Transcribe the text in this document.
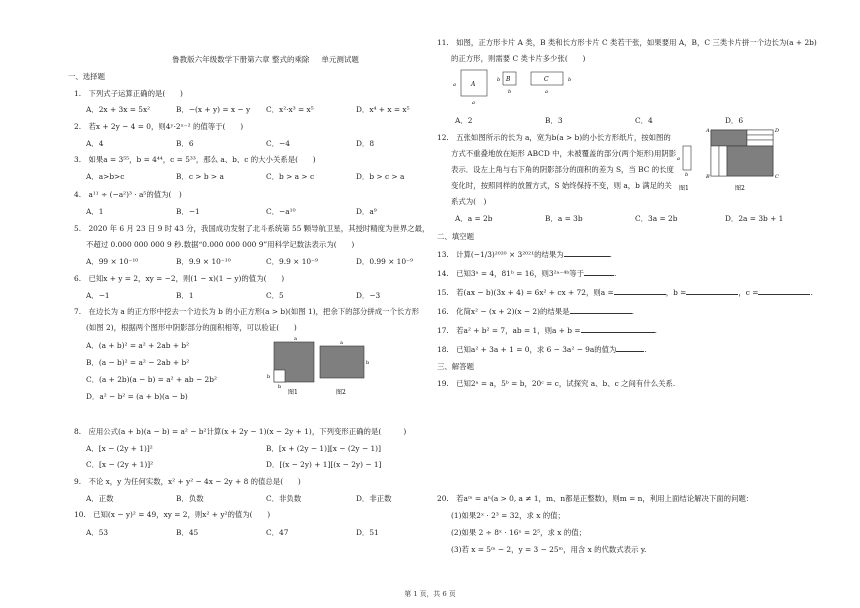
鲁教版六年级数学下册第六章 整式的乘除     单元测试题
一、选择题
1.　下列式子运算正确的是(　　)
A．2x + 3x = 5x²	B．−(x + y) = x − y	C．x²·x³ = x⁵	D．x⁴ + x = x⁵
2.　若x + 2y − 4 = 0，则4ʸ·2ˣ⁻² 的值等于(　　)
A．4	B．6	C．−4	D．8
3.　如果a = 3⁵⁵，b = 4⁴⁴，c = 5³³，那么 a、b、c 的大小关系是(　　)
A．a>b>c	B．c > b > a	C．b > a > c	D．b > c > a
4.　a¹¹ ÷ (−a²)³ · a⁵的值为(　)
A．1	B．−1	C．−a¹⁰	D．a⁹
5.　2020 年 6 月 23 日 9 时 43 分，我国成功发射了北斗系统第 55 颗导航卫星，其授时精度为世界之最，
不超过 0.000 000 000 9 秒.数据“0.000 000 000 9”用科学记数法表示为(　　)
A．99 × 10⁻¹⁰	B．9.9 × 10⁻¹⁰	C．9.9 × 10⁻⁹	D．0.99 × 10⁻⁹
6.　已知x + y = 2，xy = −2，则(1 − x)(1 − y)的值为(　　)
A．−1	B．1	C．5	D．−3
7.　在边长为 a 的正方形中挖去一个边长为 b 的小正方形(a > b)(如图 1)，把余下的部分拼成一个长方形
(如图 2)，根据两个图形中阴影部分的面积相等，可以验证(　　)
A．(a + b)² = a² + 2ab + b²
B．(a − b)² = a² − 2ab + b²
C．(a + 2b)(a − b) = a² + ab − 2b²
D．a² − b² = (a + b)(a − b)
a
b
b
图1
a
b
图2
8.　应用公式(a + b)(a − b) = a² − b²计算(x + 2y − 1)(x − 2y + 1)，下列变形正确的是(　　　)
A．[x − (2y + 1)]²	B．[x + (2y − 1)][x − (2y − 1)]
C．[x − (2y + 1)]²	D．[(x − 2y) + 1][(x − 2y) − 1]
9.　不论 x，y 为任何实数，x² + y² − 4x − 2y + 8 的值总是(　　)
A．正数	B．负数	C．非负数	D．非正数
10.　已知(x − y)² = 49，xy = 2，则x² + y²的值为(　　)
A．53	B．45	C．47	D．51
11.　如图，正方形卡片 A 类，B 类和长方形卡片 C 类若干张，如果要用 A，B，C 三类卡片拼一个边长为(a + 2b)
的正方形，则需要 C 类卡片多少张(　　)
A
a
a
B
b
b
C	b
a
A．2	B．3	C．4	D．6
12.　五张如图所示的长为 a，宽为b(a > b)的小长方形纸片，按如图的
方式不重叠地放在矩形 ABCD 中，未被覆盖的部分(两个矩形)用阴影
表示．设左上角与右下角的阴影部分的面积的差为 S，当 BC 的长度
变化时，按照同样的放置方式，S 始终保持不变，则 a，b 满足的关
系式为(　)
a
b
图1
A	D
B	C
图2
A．a = 2b	B．a = 3b	C．3a = 2b	D．2a = 3b + 1
二、填空题
13.　计算(−1/3)²⁰²⁰ × 3²⁰²¹的结果为	.
14.　已知3ᵃ = 4，81ᵇ = 16，则3²ᵃ⁻⁴ᵇ等于	.
15.　若(ax − b)(3x + 4) = 6x² + cx + 72，则a =	，b =	，c =	.
16.　化简x² − (x + 2)(x − 2)的结果是	.
17.　若a² + b² = 7，ab = 1，则a + b =	.
18.　已知a² + 3a + 1 = 0，求 6 − 3a² − 9a的值为	.
三、解答题
19.　已知2ᵃ = a，5ᵇ = b，20ᶜ = c，试探究 a、b、c 之间有什么关系.
20.　若aᵐ = aⁿ(a > 0, a ≠ 1，m、n都是正整数)，则m = n，利用上面结论解决下面的问题：
(1)如果2ˣ · 2³ = 32，求 x 的值；
(2)如果 2 ÷ 8ˣ · 16ˣ = 2⁵，求 x 的值；
(3)若 x = 5ᵐ − 2，y = 3 − 25ᵐ，用含 x 的代数式表示 y.
第 1 页，共 6 页
